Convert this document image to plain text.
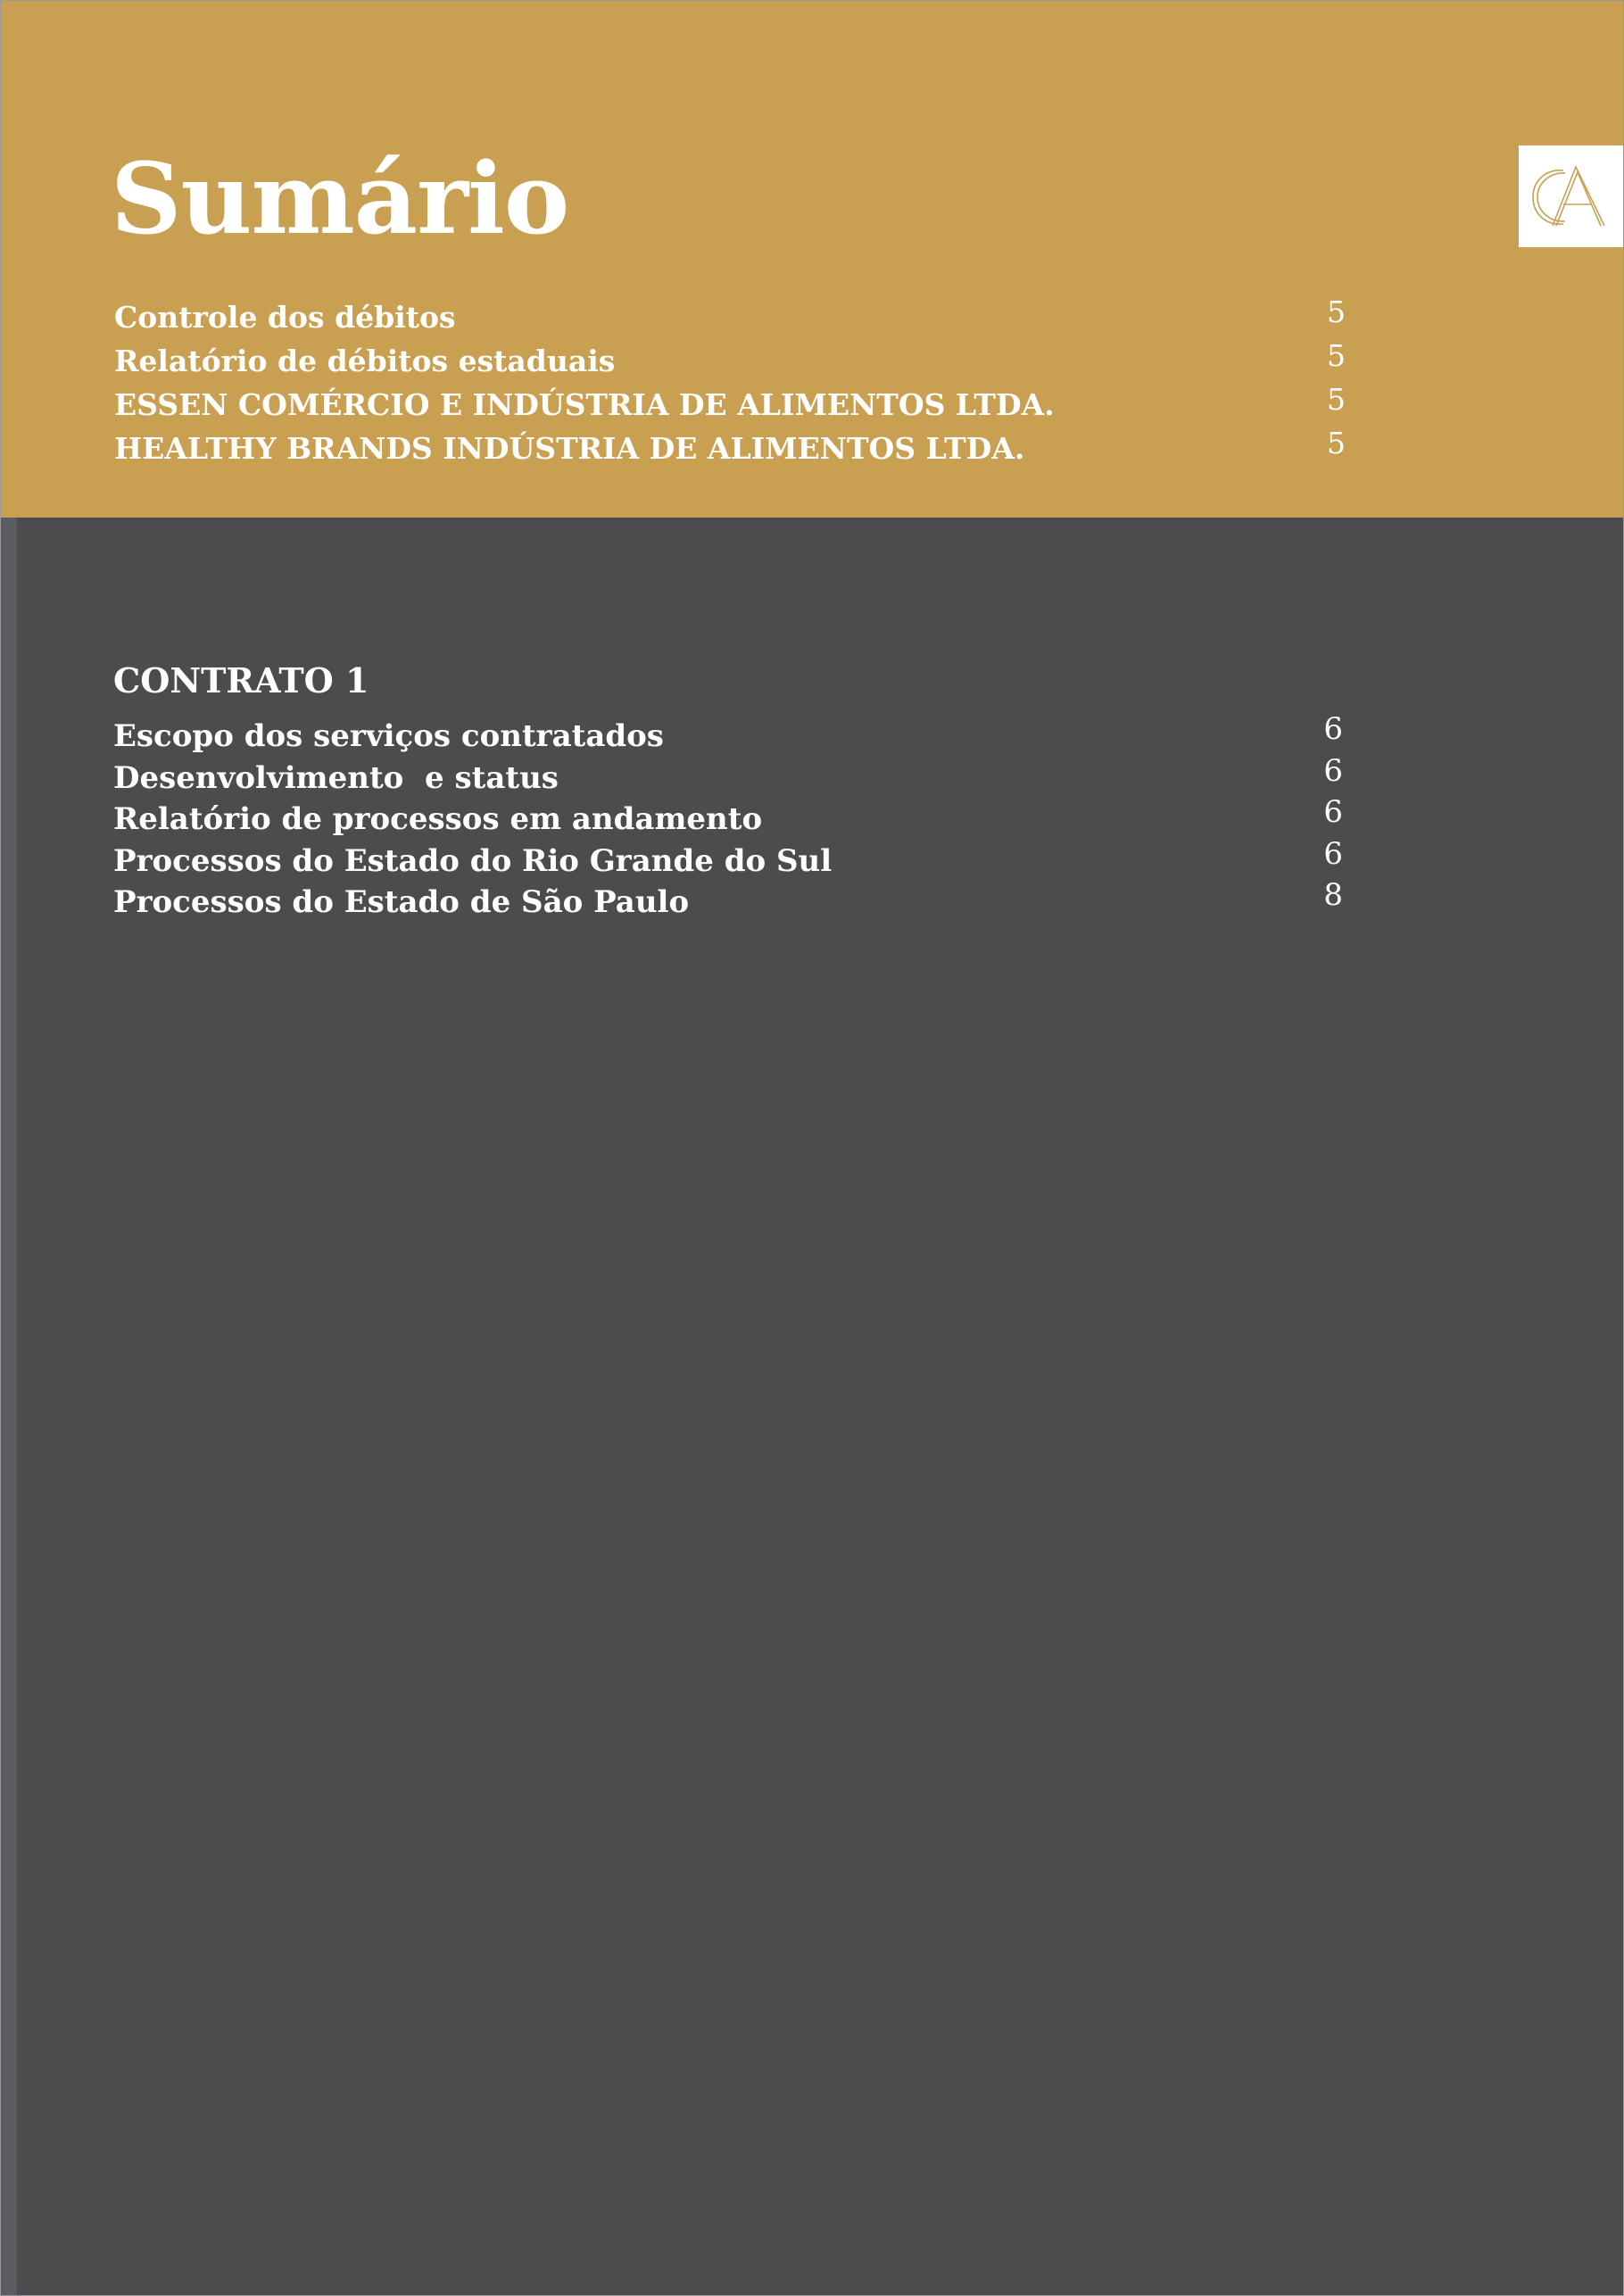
Sumário
Controle dos débitos	5
Relatório de débitos estaduais	5
ESSEN COMÉRCIO E INDÚSTRIA DE ALIMENTOS LTDA.	5
HEALTHY BRANDS INDÚSTRIA DE ALIMENTOS LTDA.	5
CONTRATO 1
Escopo dos serviços contratados	6
Desenvolvimento  e status	6
Relatório de processos em andamento	6
Processos do Estado do Rio Grande do Sul	6
Processos do Estado de São Paulo	8
